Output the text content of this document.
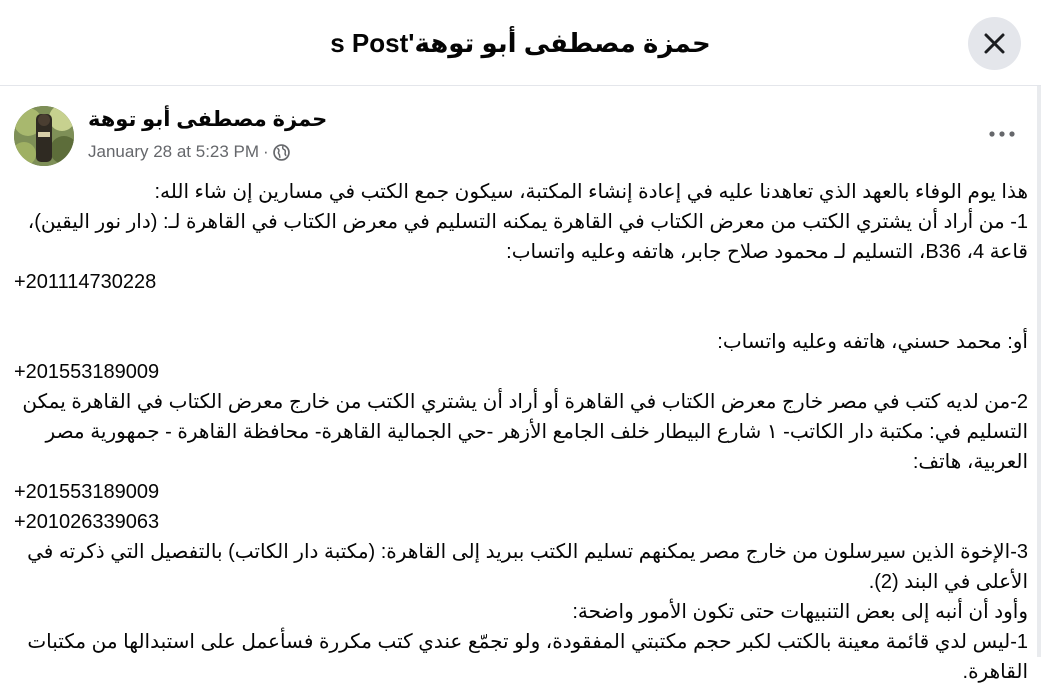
حمزة مصطفى أبو توهة's Post
حمزة مصطفى أبو توهة
January 28 at 5:23 PM ·

هذا يوم الوفاء بالعهد الذي تعاهدنا عليه في إعادة إنشاء المكتبة، سيكون جمع الكتب في مسارين إن شاء الله:

1- من أراد أن يشتري الكتب من معرض الكتاب في القاهرة يمكنه التسليم في معرض الكتاب في القاهرة لـ: (دار نور اليقين)، قاعة 4، B36، التسليم لـ محمود صلاح جابر، هاتفه وعليه واتساب:

+201114730228

أو: محمد حسني، هاتفه وعليه واتساب:

+201553189009

2-من لديه كتب في مصر خارج معرض الكتاب في القاهرة أو أراد أن يشتري الكتب من خارج معرض الكتاب في القاهرة يمكن التسليم في: مكتبة دار الكاتب- ١ شارع البيطار خلف الجامع الأزهر -حي الجمالية القاهرة- محافظة القاهرة - جمهورية مصر العربية، هاتف:

+201553189009

+201026339063

3-الإخوة الذين سيرسلون من خارج مصر يمكنهم تسليم الكتب ببريد إلى القاهرة: (مكتبة دار الكاتب) بالتفصيل التي ذكرته في الأعلى في البند (2).

وأود أن أنبه إلى بعض التنبيهات حتى تكون الأمور واضحة:

1-ليس لدي قائمة معينة بالكتب لكبر حجم مكتبتي المفقودة، ولو تجمّع عندي كتب مكررة فسأعمل على استبدالها من مكتبات القاهرة.
